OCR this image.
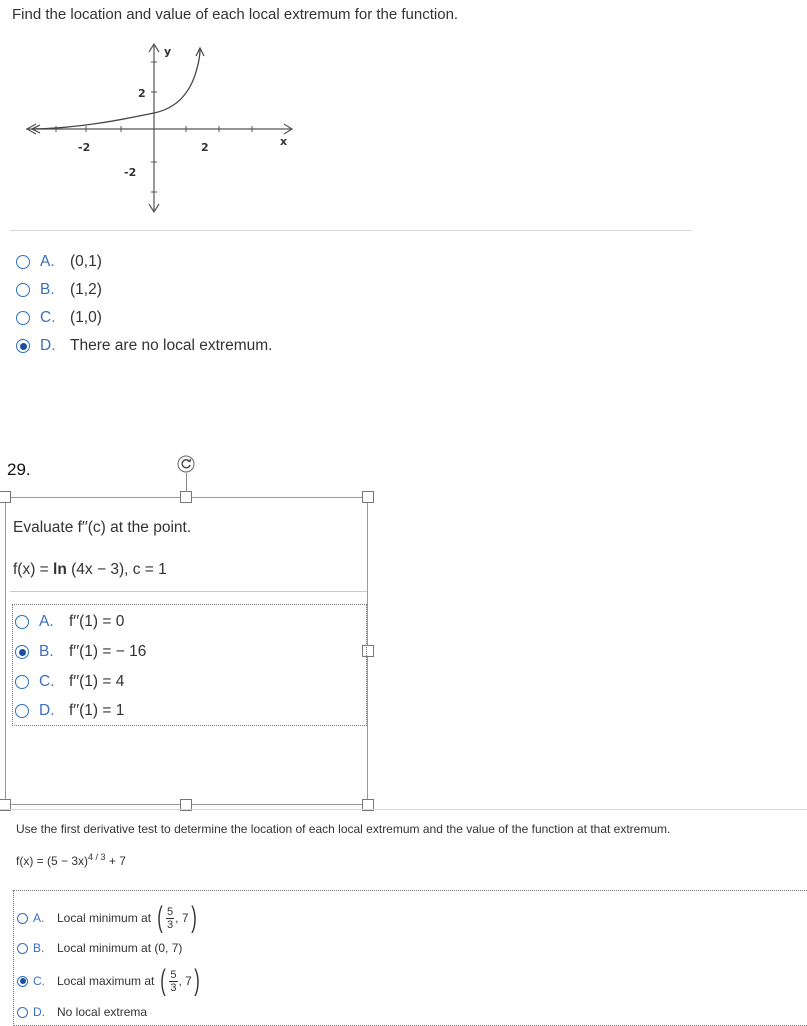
Find the location and value of each local extremum for the function.
y
x
-2	2
2
-2
A. (0,1)
B. (1,2)
C. (1,0)
D. There are no local extremum.
29.
Evaluate f′′(c) at the point.
f(x) = ln (4x − 3), c = 1
A. f′′(1) = 0
B. f′′(1) = − 16
C. f′′(1) = 4
D. f′′(1) = 1
Use the first derivative test to determine the location of each local extremum and the value of the function at that extremum.
$f(x) = (5 - 3x)^{4 / 3} + 7$
A.	Local minimum at ( $\frac{5}{3}$ , 7 )
B.	Local minimum at (0, 7)
C.	Local maximum at ( $\frac{5}{3}$ , 7 )
D.	No local extrema
